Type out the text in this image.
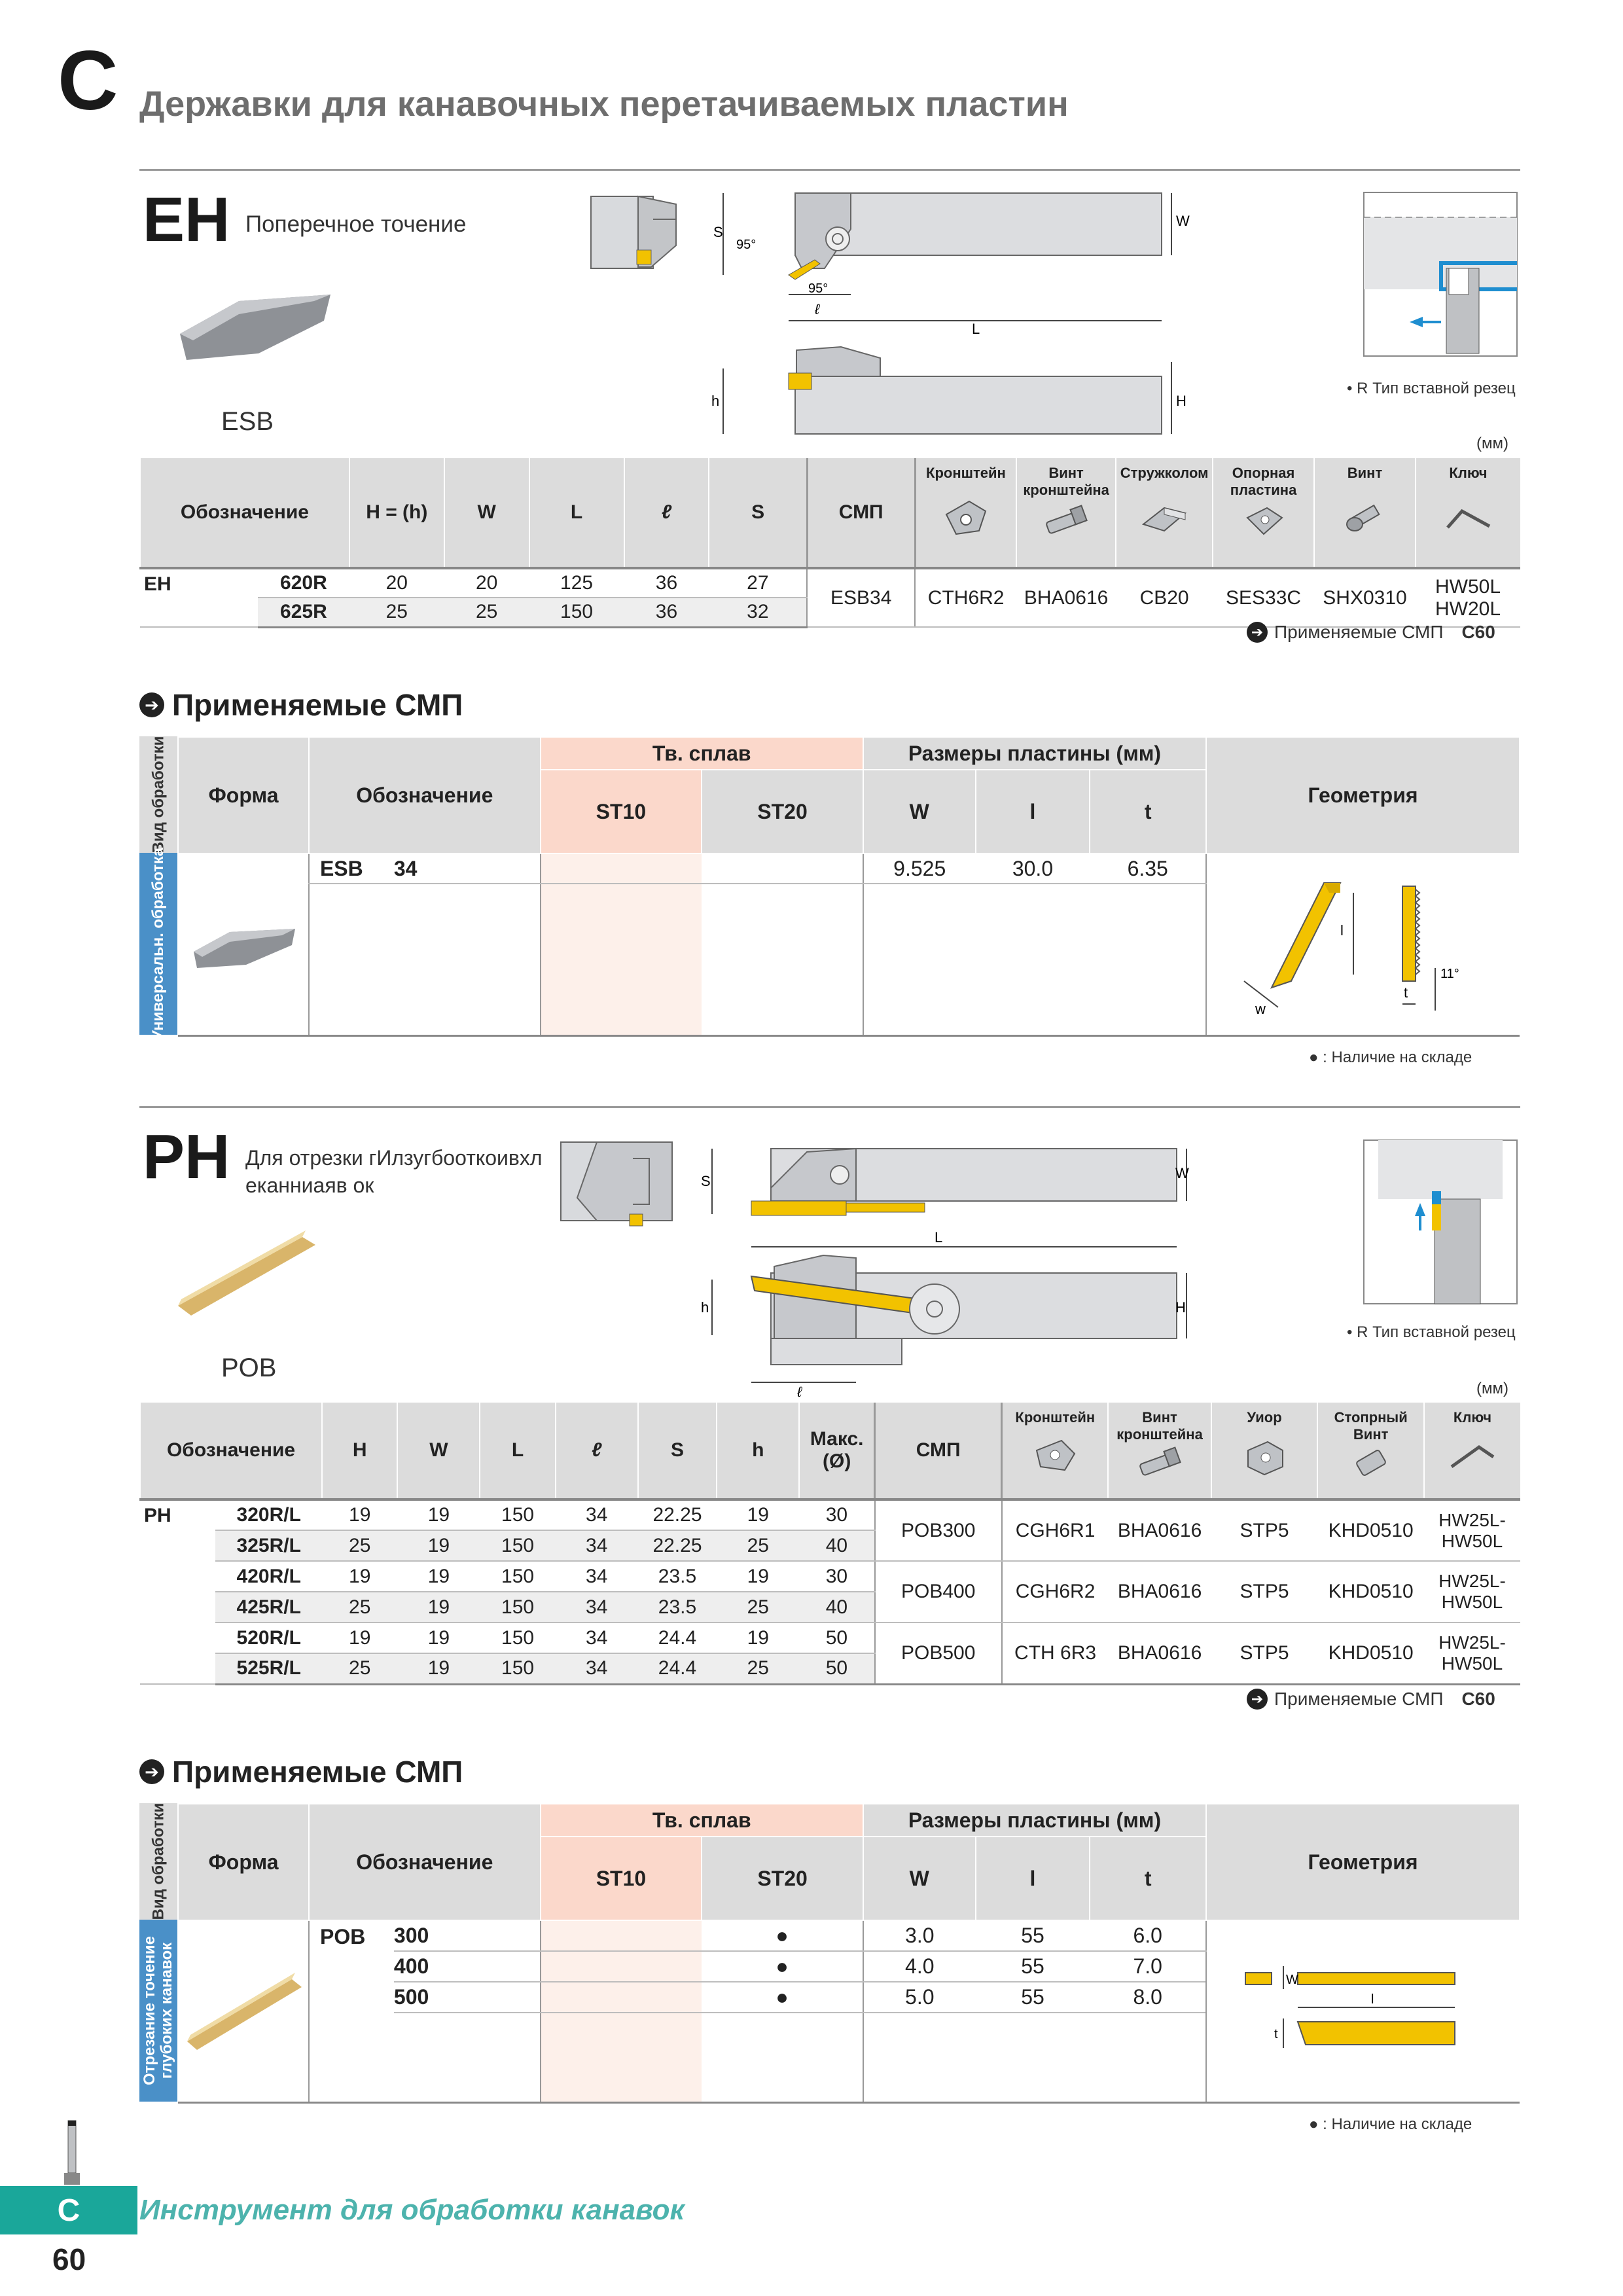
C Державки для канавочных перетачиваемых пластин
EH Поперечное точение
ESB
S
W
95°
95°
ℓ
L
h	H
• R Тип вставной резец
(мм)
Обозначение		H = (h)	W	L	ℓ	S	СМП	Кронштейн	Винт кронштейна	Стружколом	Опорная пластина	Винт	Ключ

EH	620R	20	20	125	36	27	ESB34	CTH6R2	BHA0616	CB20	SES33C	SHX0310	HW50L
HW20L

	625R	25	25	150	36	32							
➔ Применяемые СМП C60
➔ Применяемые СМП
Вид обработки
Универсальн. обработка
Форма	Обозначение		Тв. сплав		Размеры пластины (мм)			Геометрия
			ST10	ST20	W	l	t	
	ESB	34			9.525	30.0	6.35	l
w
t
11°

● : Наличие на складе
PH Для отрезки гИлзугбооткоивхл
еканниаяв ок
POB
S	W
L
h	H
ℓ
• R Тип вставной резец
(мм)
Обозначение		H	W	L	ℓ	S	h	Макс.
(Ø)	СМП	Кронштейн	Винт кронштейна	Уиор	Стопрный Винт	Ключ

PH	320R/L	19	19	150	34	22.25	19	30	POB300	CGH6R1	BHA0616	STP5	KHD0510	HW25L-HW50L
	325R/L	25	19	150	34	22.25	25	40						
	420R/L	19	19	150	34	23.5	19	30	POB400	CGH6R2	BHA0616	STP5	KHD0510	HW25L-HW50L
	425R/L	25	19	150	34	23.5	25	40						
	520R/L	19	19	150	34	24.4	19	50	POB500	CTH 6R3	BHA0616	STP5	KHD0510	HW25L-HW50L
	525R/L	25	19	150	34	24.4	25	50						
➔ Применяемые СМП C60
➔ Применяемые СМП
Вид обработки
Отрезание точение
глубоких канавок
Форма	Обозначение		Тв. сплав		Размеры пластины (мм)			Геометрия
			ST10	ST20	W	l	t	
	POB	300		●	3.0	55	6.0	W
l
t

		400		●	4.0	55	7.0	
		500		●	5.0	55	8.0	

● : Наличие на складе
C	Инструмент для обработки канавок
60
